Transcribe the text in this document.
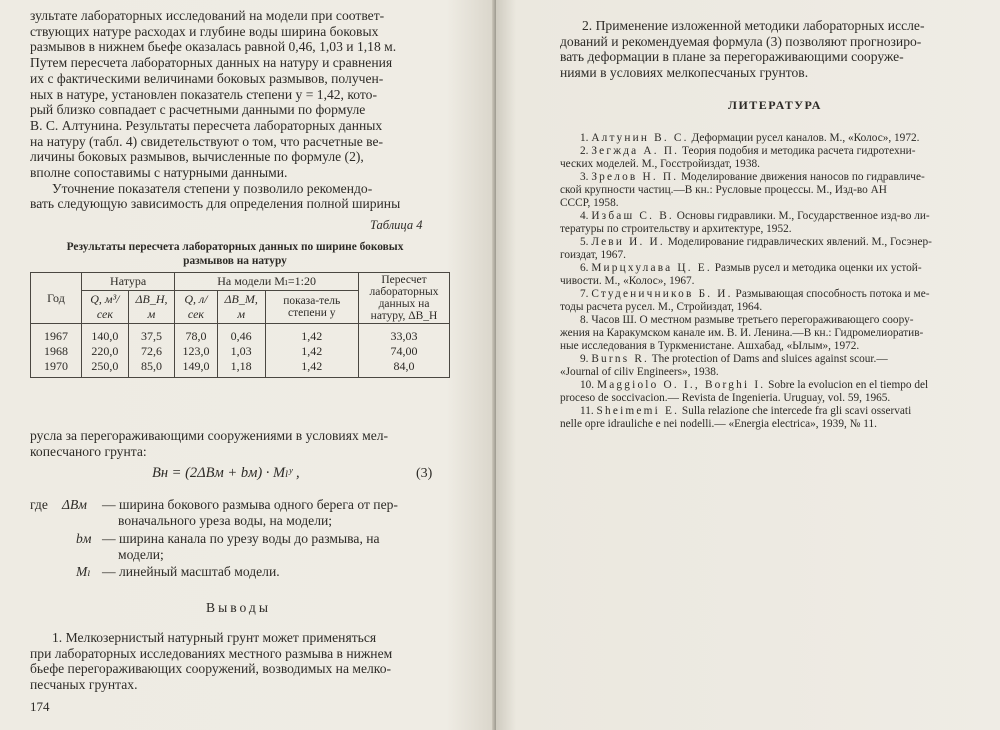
зультате лабораторных исследований на модели при соответ-
ствующих натуре расходах и глубине воды ширина боковых
размывов в нижнем бьефе оказалась равной 0,46, 1,03 и 1,18 м.
Путем пересчета лабораторных данных на натуру и сравнения
их с фактическими величинами боковых размывов, получен-
ных в натуре, установлен показатель степени y = 1,42, кото-
рый близко совпадает с расчетными данными по формуле
В. С. Алтунина. Результаты пересчета лабораторных данных
на натуру (табл. 4) свидетельствуют о том, что расчетные ве-
личины боковых размывов, вычисленные по формуле (2),
вполне сопоставимы с натурными данными.
Уточнение показателя степени y позволило рекомендо-
вать следующую зависимость для определения полной ширины
Таблица 4
Результаты пересчета лабораторных данных по ширине боковых размывов на натуру
Год	Натура		На модели Mₗ=1:20			Пересчет лабораторных данных на натуру, ΔB_H
	Q, м³/сек	ΔB_H, м	Q, л/сек	ΔB_M, м	показа-тель степени y	
1967	140,0	37,5	78,0	0,46	1,42	33,03
1968	220,0	72,6	123,0	1,03	1,42	74,00
1970	250,0	85,0	149,0	1,18	1,42	84,0
русла за перегораживающими сооружениями в условиях мел-
копесчаного грунта:
Bн = (2ΔBм + bм) · Mₗʸ ,	(3)
где ΔBм — ширина бокового размыва одного берега от пер-
воначального уреза воды, на модели;
bм — ширина канала по урезу воды до размыва, на
модели;
Mₗ — линейный масштаб модели.
Выводы
1. Мелкозернистый натурный грунт может применяться
при лабораторных исследованиях местного размыва в нижнем
бьефе перегораживающих сооружений, возводимых на мелко-
песчаных грунтах.
174
2. Применение изложенной методики лабораторных иссле-
дований и рекомендуемая формула (3) позволяют прогнозиро-
вать деформации в плане за перегораживающими сооруже-
ниями в условиях мелкопесчаных грунтов.
ЛИТЕРАТУРА
1. Алтунин В. С. Деформации русел каналов. М., «Колос», 1972.
2. Зегжда А. П. Теория подобия и методика расчета гидротехни-
ческих моделей. М., Госстройиздат, 1938.
3. Зрелов Н. П. Моделирование движения наносов по гидравличе-
ской крупности частиц.—В кн.: Русловые процессы. М., Изд-во АН
СССР, 1958.
4. Избаш С. В. Основы гидравлики. М., Государственное изд-во ли-
тературы по строительству и архитектуре, 1952.
5. Леви И. И. Моделирование гидравлических явлений. М., Госэнер-
гоиздат, 1967.
6. Мирцхулава Ц. Е. Размыв русел и методика оценки их устой-
чивости. М., «Колос», 1967.
7. Студеничников Б. И. Размывающая способность потока и ме-
тоды расчета русел. М., Стройиздат, 1964.
8. Часов Ш. О местном размыве третьего перегораживающего соору-
жения на Каракумском канале им. В. И. Ленина.—В кн.: Гидромелиоратив-
ные исследования в Туркменистане. Ашхабад, «Ылым», 1972.
9. Burns R. The protection of Dams and sluices against scour.—
«Journal of ciliv Engineers», 1938.
10. Maggiolo O. I., Borghi I. Sobre la evolucion en el tiempo del
proceso de soccivacion.— Revista de Ingenieria. Uruguay, vol. 59, 1965.
11. Sheimemi E. Sulla relazione che intercede fra gli scavi osservati
nelle opre idrauliche e nei nodelli.— «Energia electrica», 1939, № 11.
